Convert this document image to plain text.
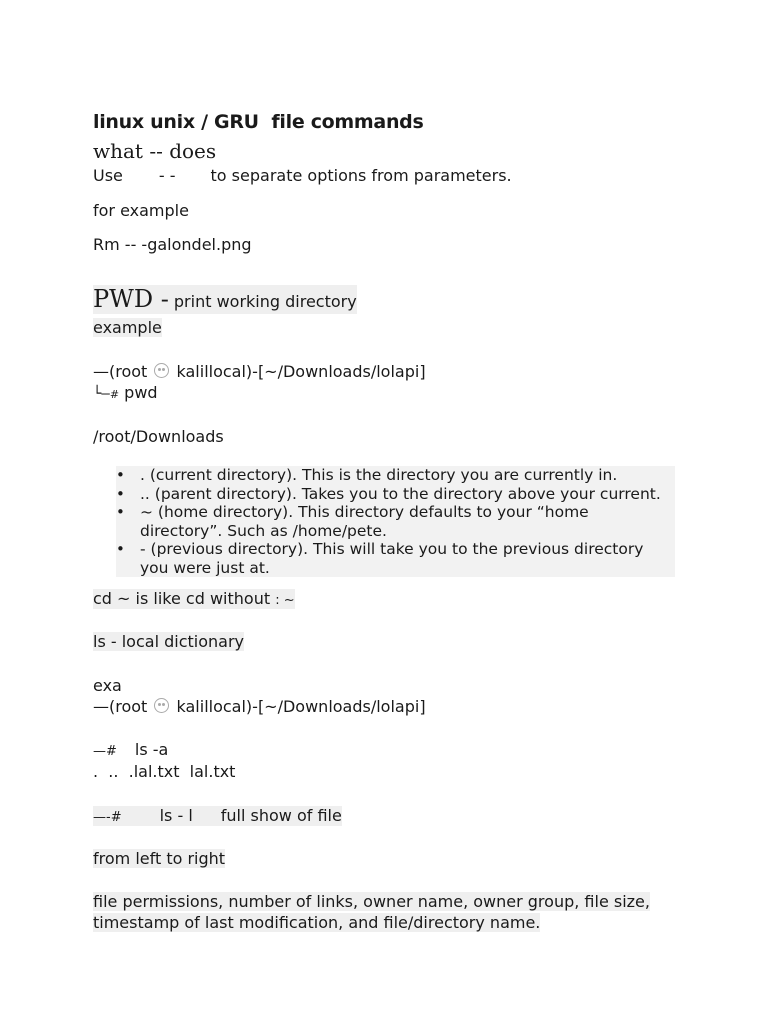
linux unix / GRU  file commands
what -- does
Use - - to separate options from parameters.
for example
Rm -- -galondel.png
PWD - print working directory
example
—(root kalillocal)-[~/Downloads/lolapi]
└—# pwd
/root/Downloads
• . (current directory). This is the directory you are currently in.
• .. (parent directory). Takes you to the directory above your current.
• ~ (home directory). This directory defaults to your “home directory”. Such as /home/pete.
• - (previous directory). This will take you to the previous directory you were just at.
cd ~ is like cd without : ~
ls - local dictionary
exa
—(root kalillocal)-[~/Downloads/lolapi]
—# ls -a
.  ..  .lal.txt  lal.txt
—-# ls - l full show of file
from left to right
file permissions, number of links, owner name, owner group, file size,
timestamp of last modification, and file/directory name.
